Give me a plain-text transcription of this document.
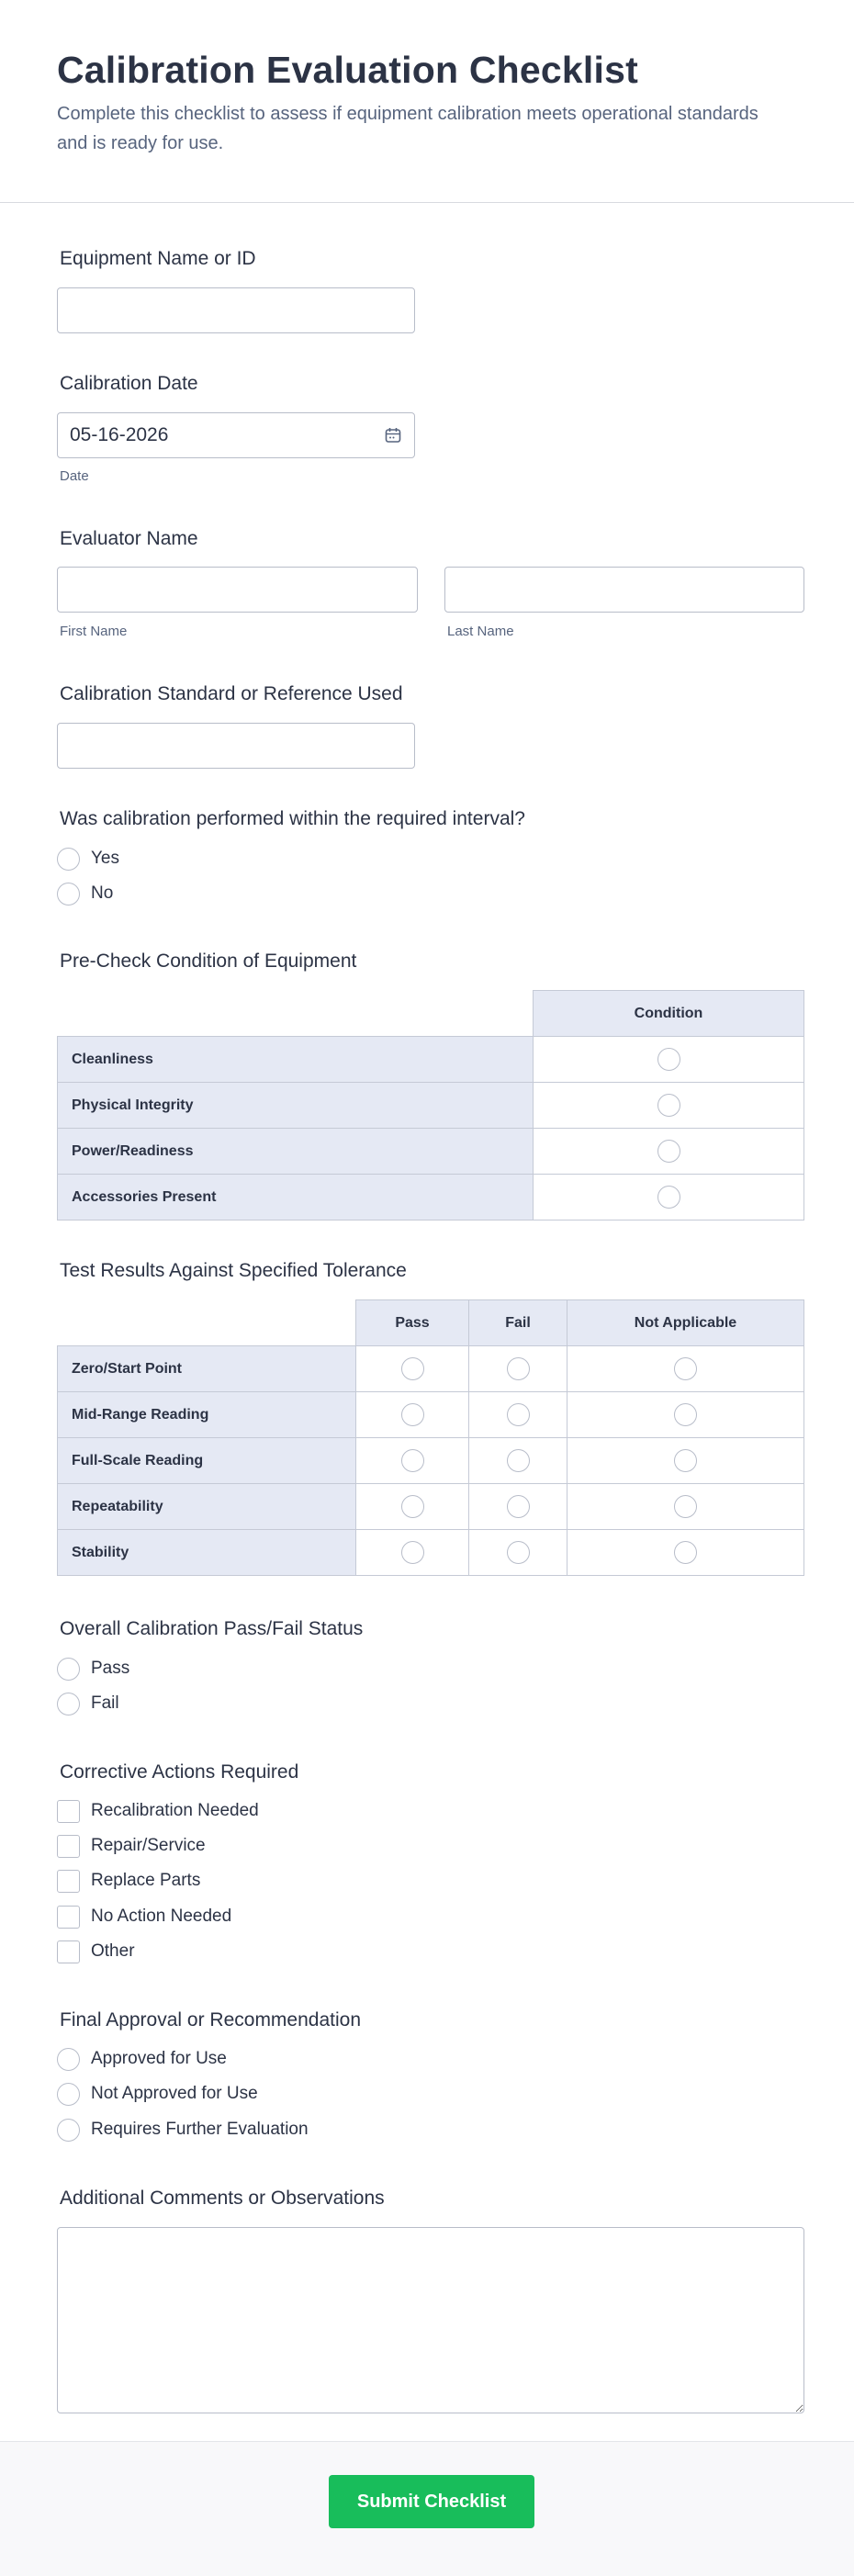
Calibration Evaluation Checklist

Complete this checklist to assess if equipment calibration meets operational standards and is ready for use.

Equipment Name or ID
Calibration Date
05-16-2026
Date
Evaluator Name
First Name	Last Name
Calibration Standard or Reference Used
Was calibration performed within the required interval?
Yes
No
Pre-Check Condition of Equipment
	Condition
Cleanliness	
Physical Integrity	
Power/Readiness	
Accessories Present	
Test Results Against Specified Tolerance
	Pass	Fail	Not Applicable
Zero/Start Point			
Mid-Range Reading			
Full-Scale Reading			
Repeatability			
Stability			
Overall Calibration Pass/Fail Status
Pass
Fail
Corrective Actions Required
Recalibration Needed
Repair/Service
Replace Parts
No Action Needed
Other
Final Approval or Recommendation
Approved for Use
Not Approved for Use
Requires Further Evaluation
Additional Comments or Observations
Submit Checklist
